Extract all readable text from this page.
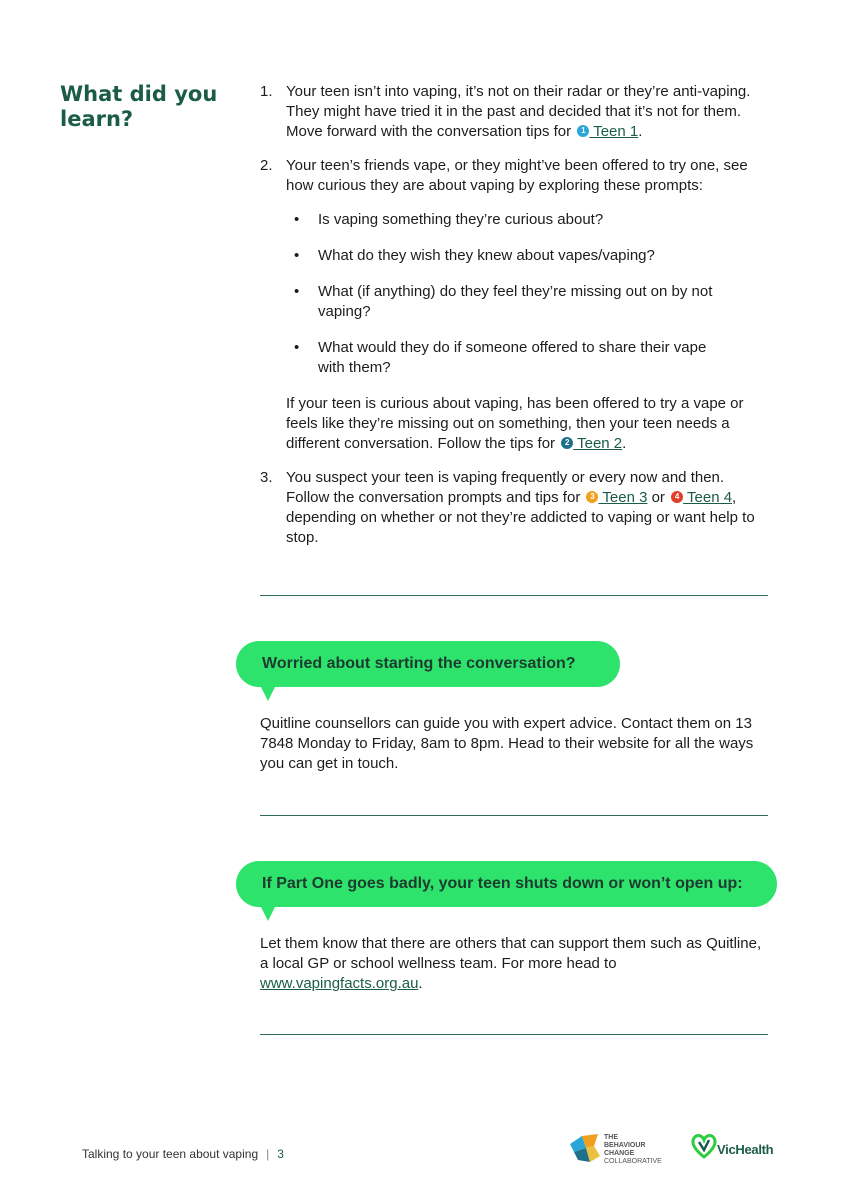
What did you learn?
1. Your teen isn’t into vaping, it’s not on their radar or they’re anti-vaping. They might have tried it in the past and decided that it’s not for them. Move forward with the conversation tips for 1 Teen 1.
2. Your teen’s friends vape, or they might’ve been offered to try one, see how curious they are about vaping by exploring these prompts:
• Is vaping something they’re curious about?
• What do they wish they knew about vapes/vaping?
• What (if anything) do they feel they’re missing out on by not vaping?
• What would they do if someone offered to share their vape with them?
If your teen is curious about vaping, has been offered to try a vape or feels like they’re missing out on something, then your teen needs a different conversation. Follow the tips for 2 Teen 2.
3. You suspect your teen is vaping frequently or every now and then. Follow the conversation prompts and tips for 3 Teen 3 or 4 Teen 4, depending on whether or not they’re addicted to vaping or want help to stop.
Worried about starting the conversation?
Quitline counsellors can guide you with expert advice. Contact them on 13 7848 Monday to Friday, 8am to 8pm. Head to their website for all the ways you can get in touch.
If Part One goes badly, your teen shuts down or won’t open up:
Let them know that there are others that can support them such as Quitline, a local GP or school wellness team. For more head to www.vapingfacts.org.au.
Talking to your teen about vaping | 3
THE
BEHAVIOUR
CHANGE
COLLABORATIVE
VicHealth
